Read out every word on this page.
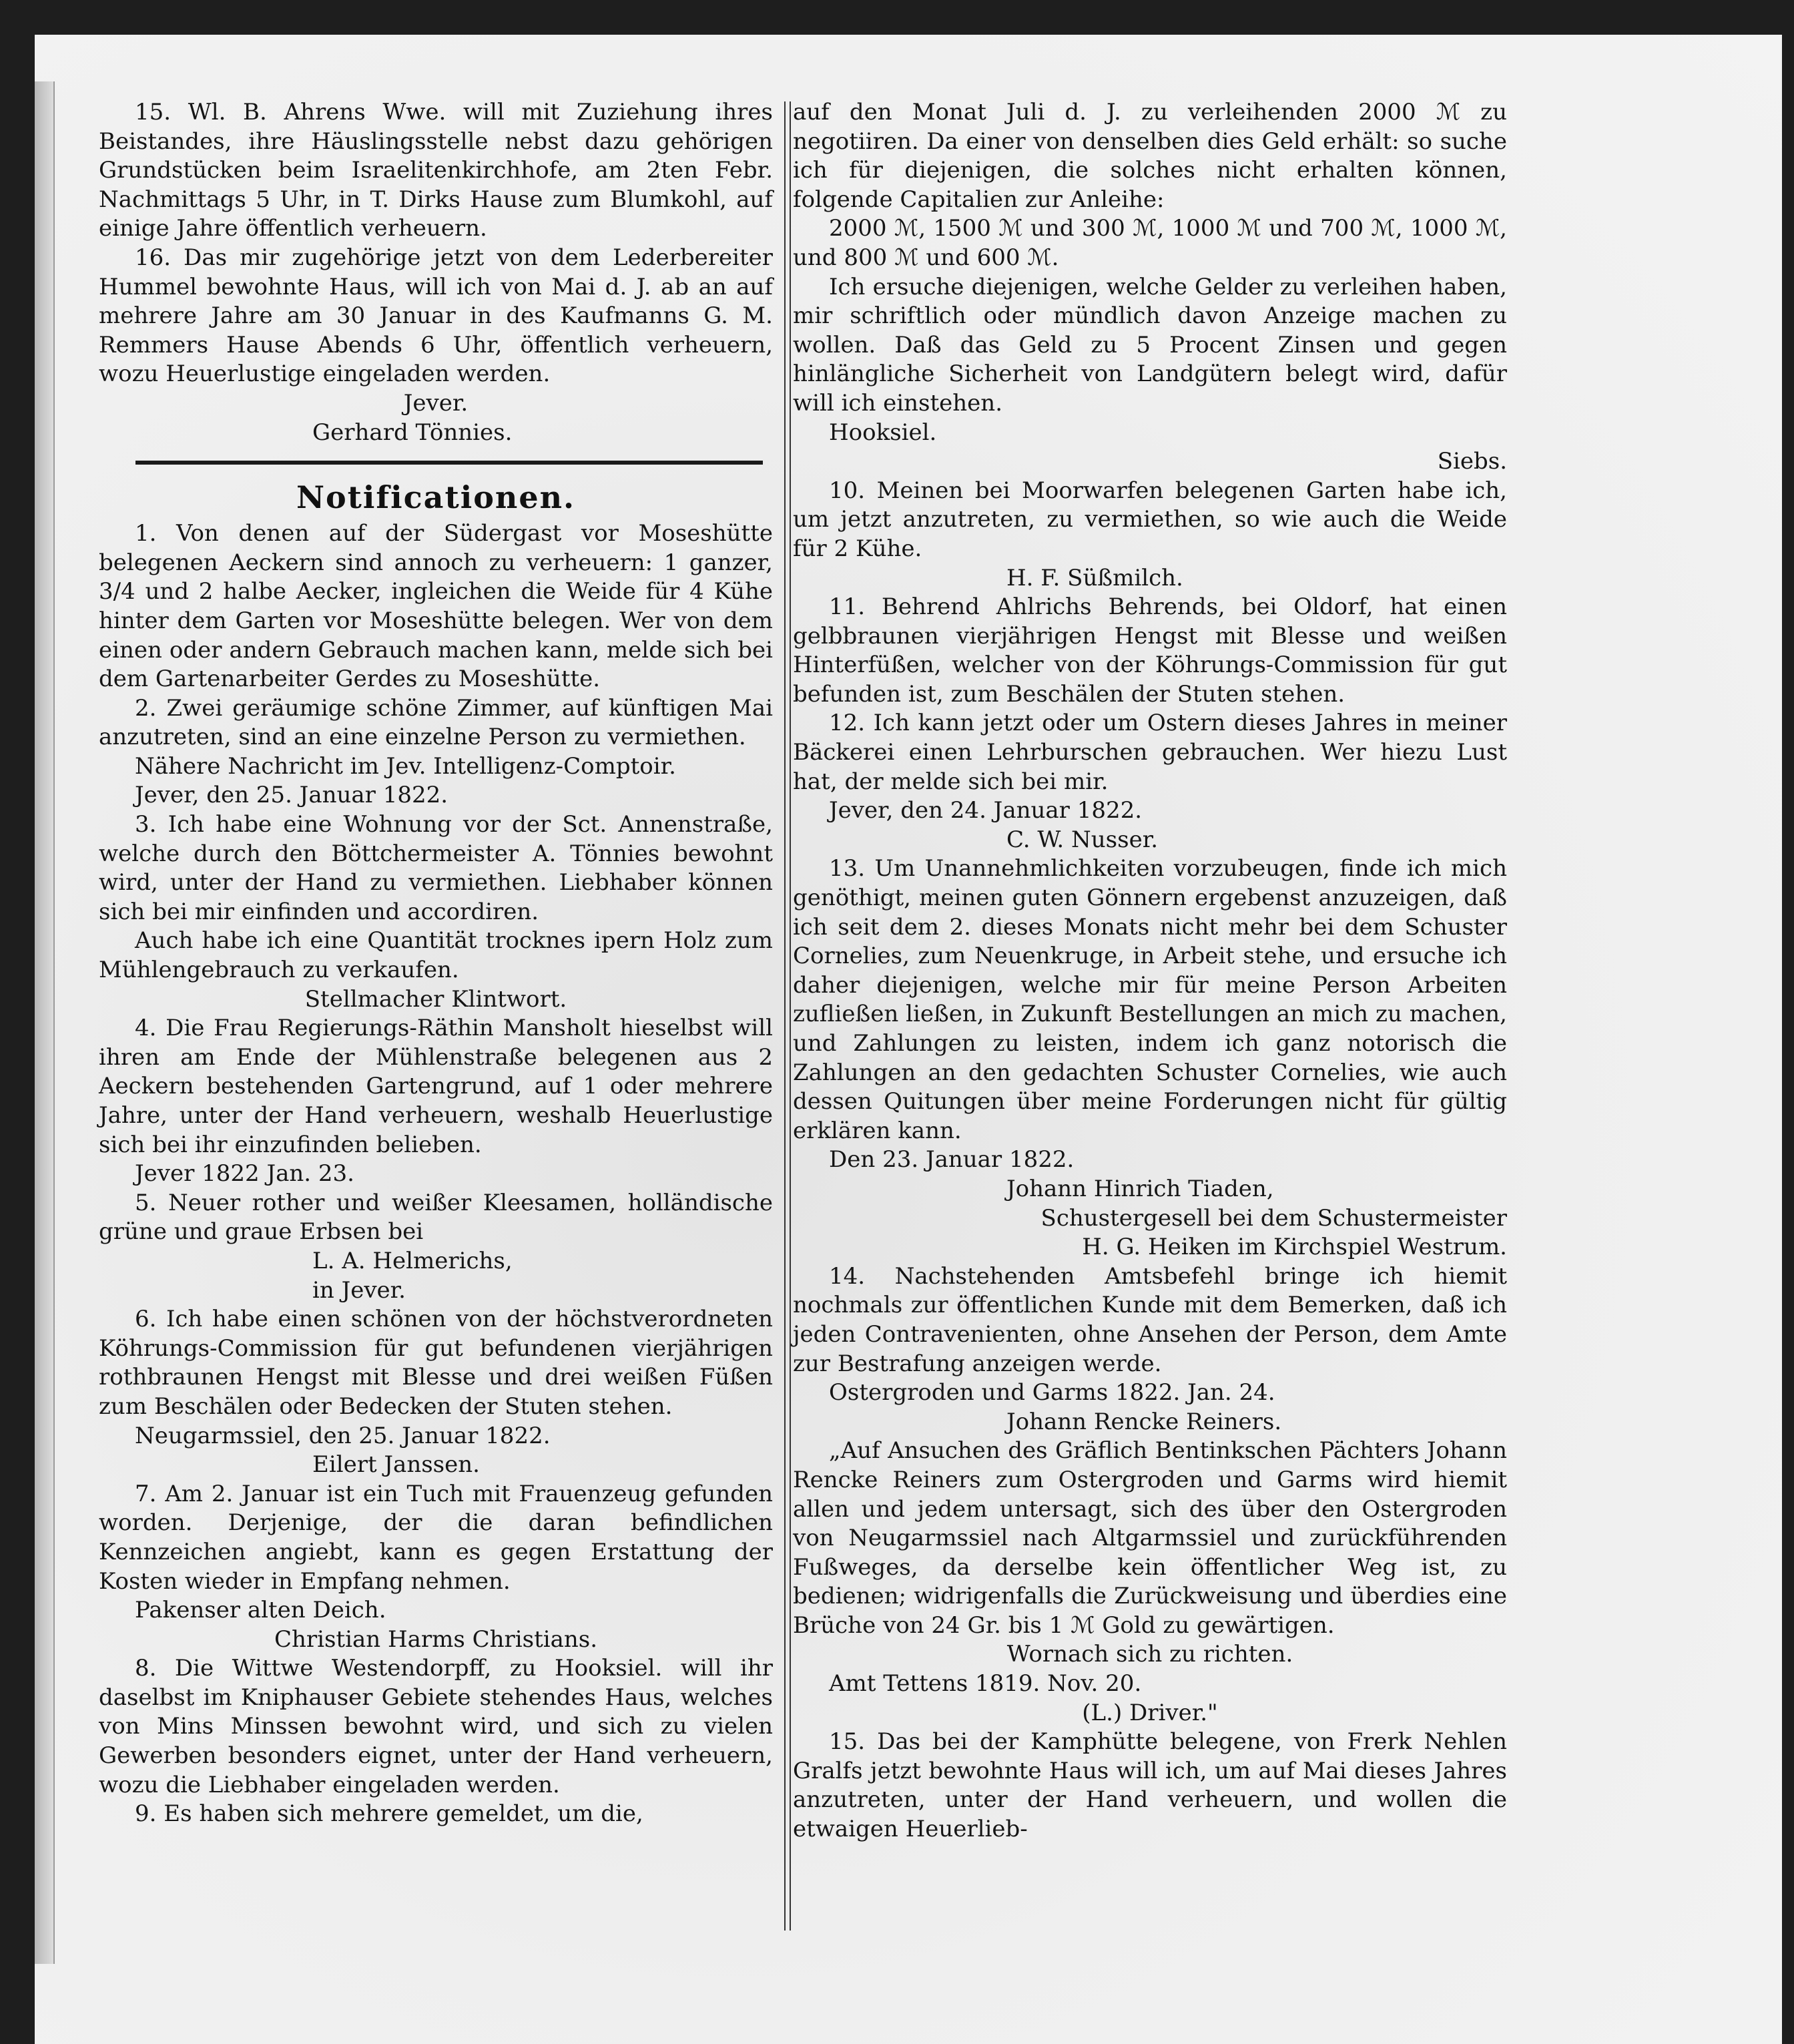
15. Wl. B. Ahrens Wwe. will mit Zuziehung ihres Beistandes, ihre Häuslingsstelle nebst dazu gehörigen Grundstücken beim Israelitenkirchhofe, am 2ten Febr. Nachmittags 5 Uhr, in T. Dirks Hause zum Blumkohl, auf einige Jahre öffentlich verheuern.

16. Das mir zugehörige jetzt von dem Lederbereiter Hummel bewohnte Haus, will ich von Mai d. J. ab an auf mehrere Jahre am 30 Januar in des Kaufmanns G. M. Remmers Hause Abends 6 Uhr, öffentlich verheuern, wozu Heuerlustige eingeladen werden.

Jever.

Gerhard Tönnies.

Notificationen.

1. Von denen auf der Südergast vor Moseshütte belegenen Aeckern sind annoch zu verheuern: 1 ganzer, 3/4 und 2 halbe Aecker, ingleichen die Weide für 4 Kühe hinter dem Garten vor Moseshütte belegen. Wer von dem einen oder andern Gebrauch machen kann, melde sich bei dem Gartenarbeiter Gerdes zu Moseshütte.

2. Zwei geräumige schöne Zimmer, auf künftigen Mai anzutreten, sind an eine einzelne Person zu vermiethen.

Nähere Nachricht im Jev. Intelligenz-Comptoir.

Jever, den 25. Januar 1822.

3. Ich habe eine Wohnung vor der Sct. Annenstraße, welche durch den Böttchermeister A. Tönnies bewohnt wird, unter der Hand zu vermiethen. Liebhaber können sich bei mir einfinden und accordiren.

Auch habe ich eine Quantität trocknes ipern Holz zum Mühlengebrauch zu verkaufen.

Stellmacher Klintwort.

4. Die Frau Regierungs-Räthin Mansholt hieselbst will ihren am Ende der Mühlenstraße belegenen aus 2 Aeckern bestehenden Gartengrund, auf 1 oder mehrere Jahre, unter der Hand verheuern, weshalb Heuerlustige sich bei ihr einzufinden belieben.

Jever 1822 Jan. 23.

5. Neuer rother und weißer Kleesamen, holländische grüne und graue Erbsen bei

L. A. Helmerichs,

in Jever.

6. Ich habe einen schönen von der höchstverordneten Köhrungs-Commission für gut befundenen vierjährigen rothbraunen Hengst mit Blesse und drei weißen Füßen zum Beschälen oder Bedecken der Stuten stehen.

Neugarmssiel, den 25. Januar 1822.

Eilert Janssen.

7. Am 2. Januar ist ein Tuch mit Frauenzeug gefunden worden. Derjenige, der die daran befindlichen Kennzeichen angiebt, kann es gegen Erstattung der Kosten wieder in Empfang nehmen.

Pakenser alten Deich.

Christian Harms Christians.

8. Die Wittwe Westendorpff, zu Hooksiel. will ihr daselbst im Kniphauser Gebiete stehendes Haus, welches von Mins Minssen bewohnt wird, und sich zu vielen Gewerben besonders eignet, unter der Hand verheuern, wozu die Liebhaber eingeladen werden.

9. Es haben sich mehrere gemeldet, um die,

auf den Monat Juli d. J. zu verleihenden 2000 ℳ zu negotiiren. Da einer von denselben dies Geld erhält: so suche ich für diejenigen, die solches nicht erhalten können, folgende Capitalien zur Anleihe:

2000 ℳ, 1500 ℳ und 300 ℳ, 1000 ℳ und 700 ℳ, 1000 ℳ, und 800 ℳ und 600 ℳ.

Ich ersuche diejenigen, welche Gelder zu verleihen haben, mir schriftlich oder mündlich davon Anzeige machen zu wollen. Daß das Geld zu 5 Procent Zinsen und gegen hinlängliche Sicherheit von Landgütern belegt wird, dafür will ich einstehen.

Hooksiel.

Siebs.

10. Meinen bei Moorwarfen belegenen Garten habe ich, um jetzt anzutreten, zu vermiethen, so wie auch die Weide für 2 Kühe.

H. F. Süßmilch.

11. Behrend Ahlrichs Behrends, bei Oldorf, hat einen gelbbraunen vierjährigen Hengst mit Blesse und weißen Hinterfüßen, welcher von der Köhrungs-Commission für gut befunden ist, zum Beschälen der Stuten stehen.

12. Ich kann jetzt oder um Ostern dieses Jahres in meiner Bäckerei einen Lehrburschen gebrauchen. Wer hiezu Lust hat, der melde sich bei mir.

Jever, den 24. Januar 1822.

C. W. Nusser.

13. Um Unannehmlichkeiten vorzubeugen, finde ich mich genöthigt, meinen guten Gönnern ergebenst anzuzeigen, daß ich seit dem 2. dieses Monats nicht mehr bei dem Schuster Cornelies, zum Neuenkruge, in Arbeit stehe, und ersuche ich daher diejenigen, welche mir für meine Person Arbeiten zufließen ließen, in Zukunft Bestellungen an mich zu machen, und Zahlungen zu leisten, indem ich ganz notorisch die Zahlungen an den gedachten Schuster Cornelies, wie auch dessen Quitungen über meine Forderungen nicht für gültig erklären kann.

Den 23. Januar 1822.

Johann Hinrich Tiaden,

Schustergesell bei dem Schustermeister

H. G. Heiken im Kirchspiel Westrum.

14. Nachstehenden Amtsbefehl bringe ich hiemit nochmals zur öffentlichen Kunde mit dem Bemerken, daß ich jeden Contravenienten, ohne Ansehen der Person, dem Amte zur Bestrafung anzeigen werde.

Ostergroden und Garms 1822. Jan. 24.

Johann Rencke Reiners.

„Auf Ansuchen des Gräflich Bentinkschen Pächters Johann Rencke Reiners zum Ostergroden und Garms wird hiemit allen und jedem untersagt, sich des über den Ostergroden von Neugarmssiel nach Altgarmssiel und zurückführenden Fußweges, da derselbe kein öffentlicher Weg ist, zu bedienen; widrigenfalls die Zurückweisung und überdies eine Brüche von 24 Gr. bis 1 ℳ Gold zu gewärtigen.

Wornach sich zu richten.

Amt Tettens 1819. Nov. 20.

(L.) Driver."

15. Das bei der Kamphütte belegene, von Frerk Nehlen Gralfs jetzt bewohnte Haus will ich, um auf Mai dieses Jahres anzutreten, unter der Hand verheuern, und wollen die etwaigen Heuerlieb-
